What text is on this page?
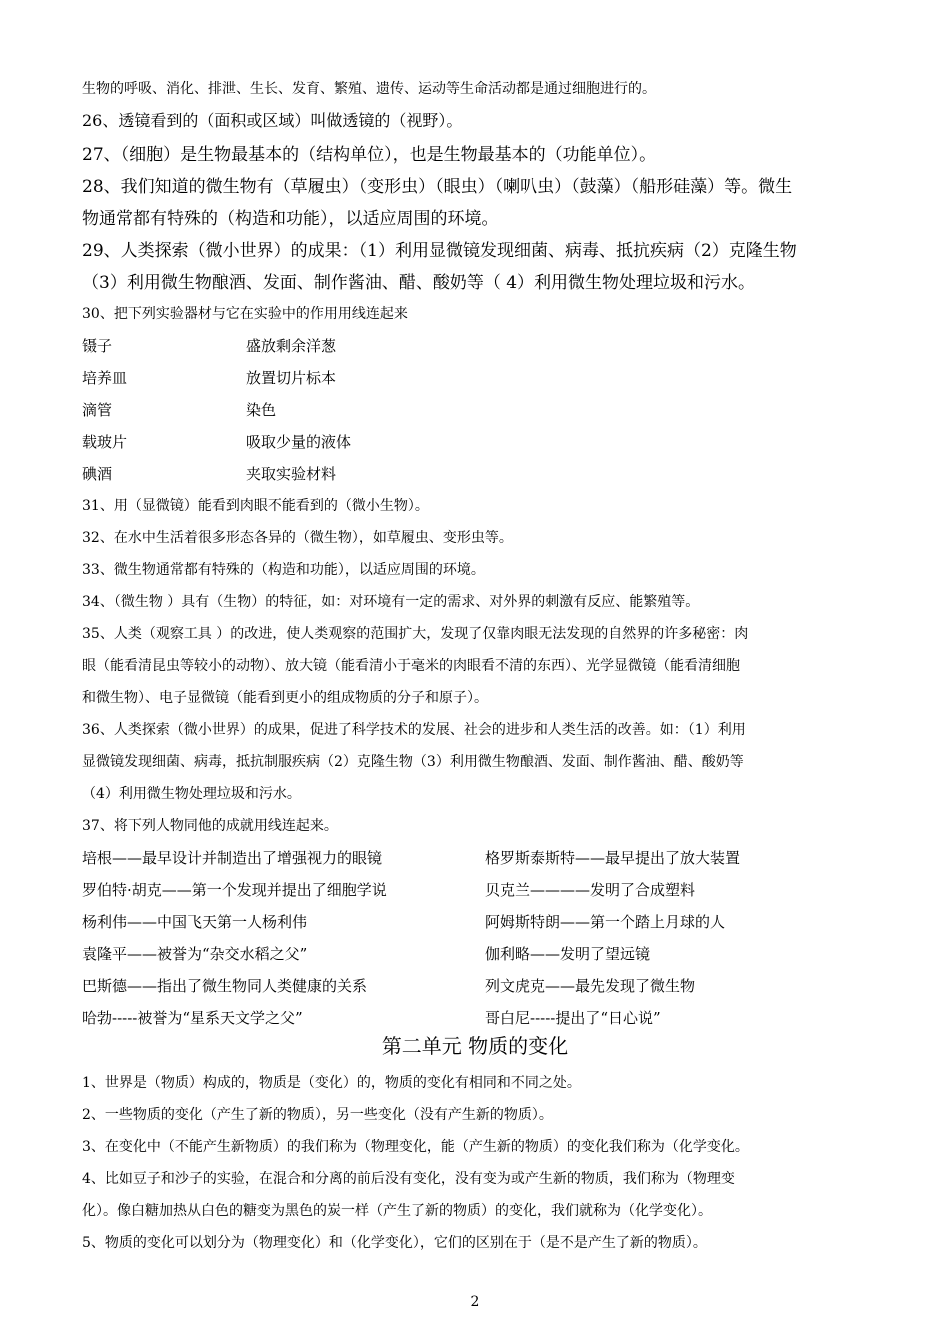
生物的呼吸、消化、排泄、生长、发育、繁殖、遗传、运动等生命活动都是通过细胞进行的。
26、透镜看到的（面积或区域）叫做透镜的（视野）。
27、（细胞）是生物最基本的（结构单位），也是生物最基本的（功能单位）。
28、我们知道的微生物有（草履虫）（变形虫）（眼虫）（喇叭虫）（鼓藻）（船形硅藻）等。微生
物通常都有特殊的（构造和功能），以适应周围的环境。
29、人类探索（微小世界）的成果：（1）利用显微镜发现细菌、病毒、抵抗疾病（2）克隆生物
（3）利用微生物酿酒、发面、制作酱油、醋、酸奶等（ 4）利用微生物处理垃圾和污水。
30、把下列实验器材与它在实验中的作用用线连起来
镊子	盛放剩余洋葱
培养皿	放置切片标本
滴管	染色
载玻片	吸取少量的液体
碘酒	夹取实验材料
31、用（显微镜）能看到肉眼不能看到的（微小生物）。
32、在水中生活着很多形态各异的（微生物），如草履虫、变形虫等。
33、微生物通常都有特殊的（构造和功能），以适应周围的环境。
34、（微生物 ）具有（生物）的特征，如：对环境有一定的需求、对外界的刺激有反应、能繁殖等。
35、人类（观察工具 ）的改进，使人类观察的范围扩大，发现了仅靠肉眼无法发现的自然界的许多秘密：肉
眼（能看清昆虫等较小的动物）、放大镜（能看清小于毫米的肉眼看不清的东西）、光学显微镜（能看清细胞
和微生物）、电子显微镜（能看到更小的组成物质的分子和原子）。
36、人类探索（微小世界）的成果，促进了科学技术的发展、社会的进步和人类生活的改善。如：（1）利用
显微镜发现细菌、病毒，抵抗制服疾病（2）克隆生物（3）利用微生物酿酒、发面、制作酱油、醋、酸奶等
（4）利用微生物处理垃圾和污水。
37、将下列人物同他的成就用线连起来。
培根——最早设计并制造出了增强视力的眼镜	格罗斯泰斯特——最早提出了放大装置
罗伯特·胡克——第一个发现并提出了细胞学说	贝克兰————发明了合成塑料
杨利伟——中国飞天第一人杨利伟	阿姆斯特朗——第一个踏上月球的人
袁隆平——被誉为“杂交水稻之父”	伽利略——发明了望远镜
巴斯德——指出了微生物同人类健康的关系	列文虎克——最先发现了微生物
哈勃-----被誉为“星系天文学之父”	哥白尼-----提出了“日心说”
第二单元 物质的变化
1、世界是（物质）构成的，物质是（变化）的，物质的变化有相同和不同之处。
2、一些物质的变化（产生了新的物质），另一些变化（没有产生新的物质）。
3、在变化中（不能产生新物质）的我们称为（物理变化，能（产生新的物质）的变化我们称为（化学变化。
4、比如豆子和沙子的实验，在混合和分离的前后没有变化，没有变为或产生新的物质，我们称为（物理变
化）。像白糖加热从白色的糖变为黑色的炭一样（产生了新的物质）的变化，我们就称为（化学变化）。
5、物质的变化可以划分为（物理变化）和（化学变化），它们的区别在于（是不是产生了新的物质）。
2
